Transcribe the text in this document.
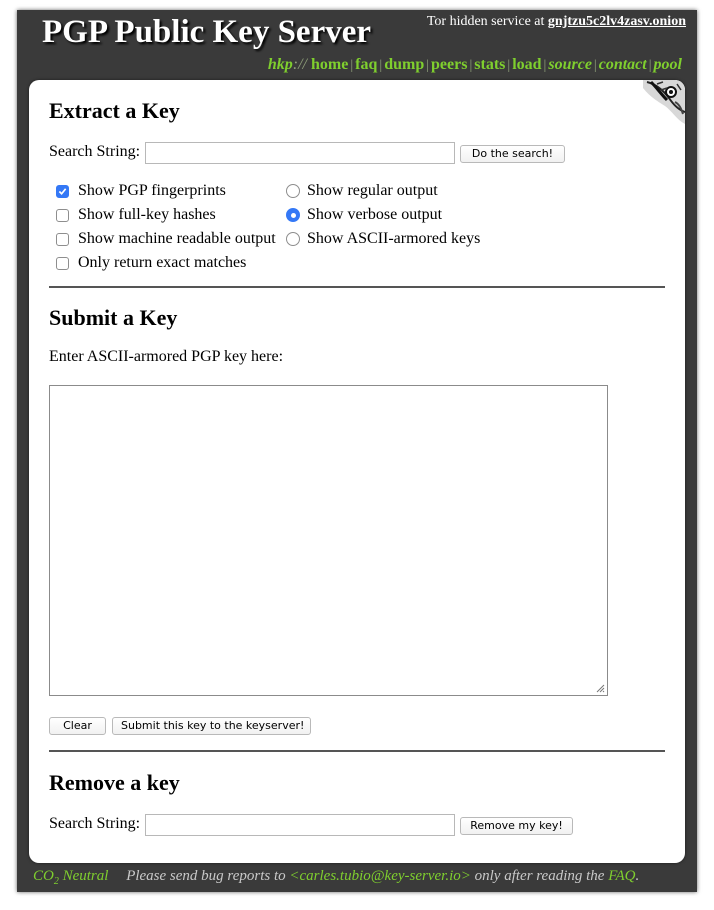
PGP Public Key Server	Tor hidden service at gnjtzu5c2lv4zasv.onion
hkp:// home | faq | dump | peers | stats | load | source | contact | pool
Extract a Key
Search String:	Do the search!
Show PGP fingerprints
Show full-key hashes
Show machine readable output
Only return exact matches
Show regular output
Show verbose output
Show ASCII-armored keys
Submit a Key
Enter ASCII-armored PGP key here:
Clear	Submit this key to the keyserver!
Remove a key
Search String:	Remove my key!
$CO_2$ Neutral Please send bug reports to <carles.tubio@key-server.io> only after reading the FAQ.
